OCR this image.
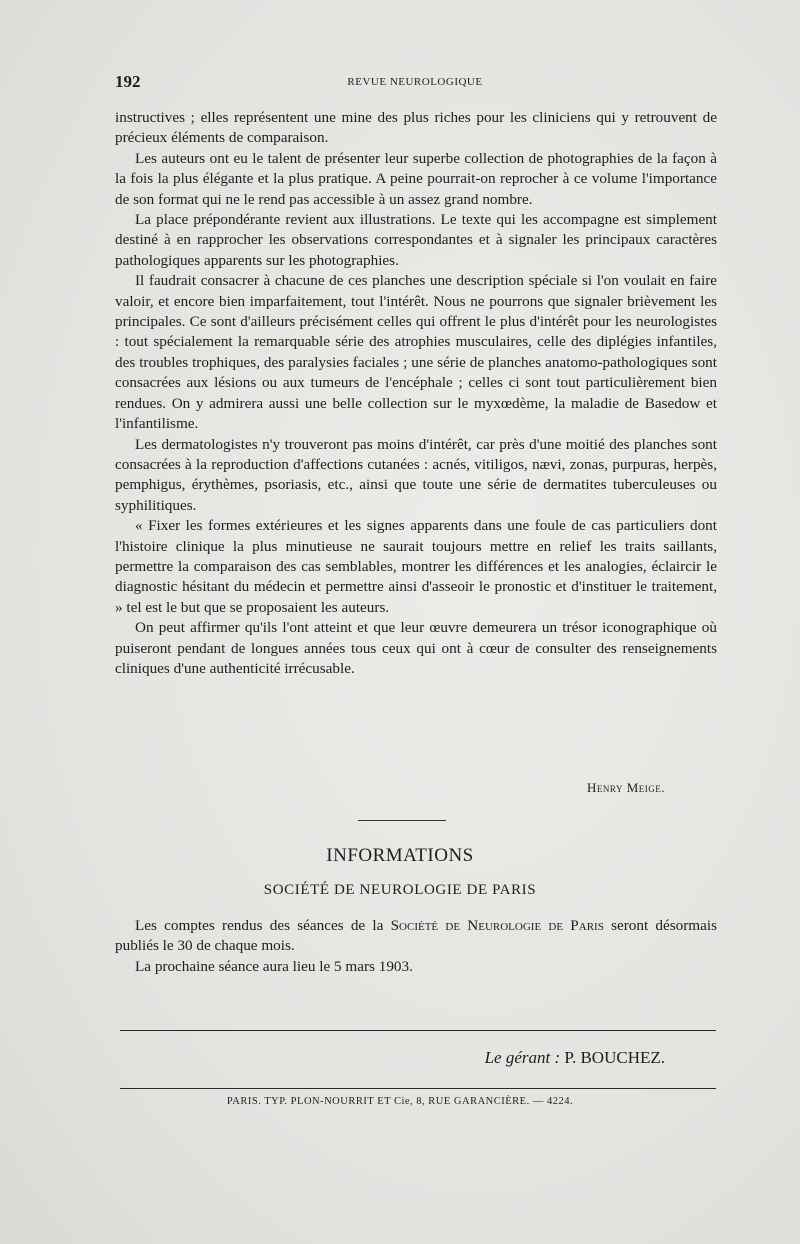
192	REVUE NEUROLOGIQUE

instructives ; elles représentent une mine des plus riches pour les cliniciens qui y retrouvent de précieux éléments de comparaison.

Les auteurs ont eu le talent de présenter leur superbe collection de photographies de la façon à la fois la plus élégante et la plus pratique. A peine pourrait-on reprocher à ce volume l'importance de son format qui ne le rend pas accessible à un assez grand nombre.

La place prépondérante revient aux illustrations. Le texte qui les accompagne est simplement destiné à en rapprocher les observations correspondantes et à signaler les principaux caractères pathologiques apparents sur les photographies.

Il faudrait consacrer à chacune de ces planches une description spéciale si l'on voulait en faire valoir, et encore bien imparfaitement, tout l'intérêt. Nous ne pourrons que signaler brièvement les principales. Ce sont d'ailleurs précisément celles qui offrent le plus d'intérêt pour les neurologistes : tout spécialement la remarquable série des atrophies musculaires, celle des diplégies infantiles, des troubles trophiques, des paralysies faciales ; une série de planches anatomo-pathologiques sont consacrées aux lésions ou aux tumeurs de l'encéphale ; celles ci sont tout particulièrement bien rendues. On y admirera aussi une belle collection sur le myxœdème, la maladie de Basedow et l'infantilisme.

Les dermatologistes n'y trouveront pas moins d'intérêt, car près d'une moitié des planches sont consacrées à la reproduction d'affections cutanées : acnés, vitiligos, nævi, zonas, purpuras, herpès, pemphigus, érythèmes, psoriasis, etc., ainsi que toute une série de dermatites tuberculeuses ou syphilitiques.

« Fixer les formes extérieures et les signes apparents dans une foule de cas particuliers dont l'histoire clinique la plus minutieuse ne saurait toujours mettre en relief les traits saillants, permettre la comparaison des cas semblables, montrer les différences et les analogies, éclaircir le diagnostic hésitant du médecin et permettre ainsi d'asseoir le pronostic et d'instituer le traitement, » tel est le but que se proposaient les auteurs.

On peut affirmer qu'ils l'ont atteint et que leur œuvre demeurera un trésor iconographique où puiseront pendant de longues années tous ceux qui ont à cœur de consulter des renseignements cliniques d'une authenticité irrécusable.

Henry Meige.
INFORMATIONS
SOCIÉTÉ DE NEUROLOGIE DE PARIS

Les comptes rendus des séances de la Société de Neurologie de Paris seront désormais publiés le 30 de chaque mois.

La prochaine séance aura lieu le 5 mars 1903.

Le gérant : P. BOUCHEZ.
PARIS. TYP. PLON-NOURRIT ET Cie, 8, RUE GARANCIÈRE. — 4224.
